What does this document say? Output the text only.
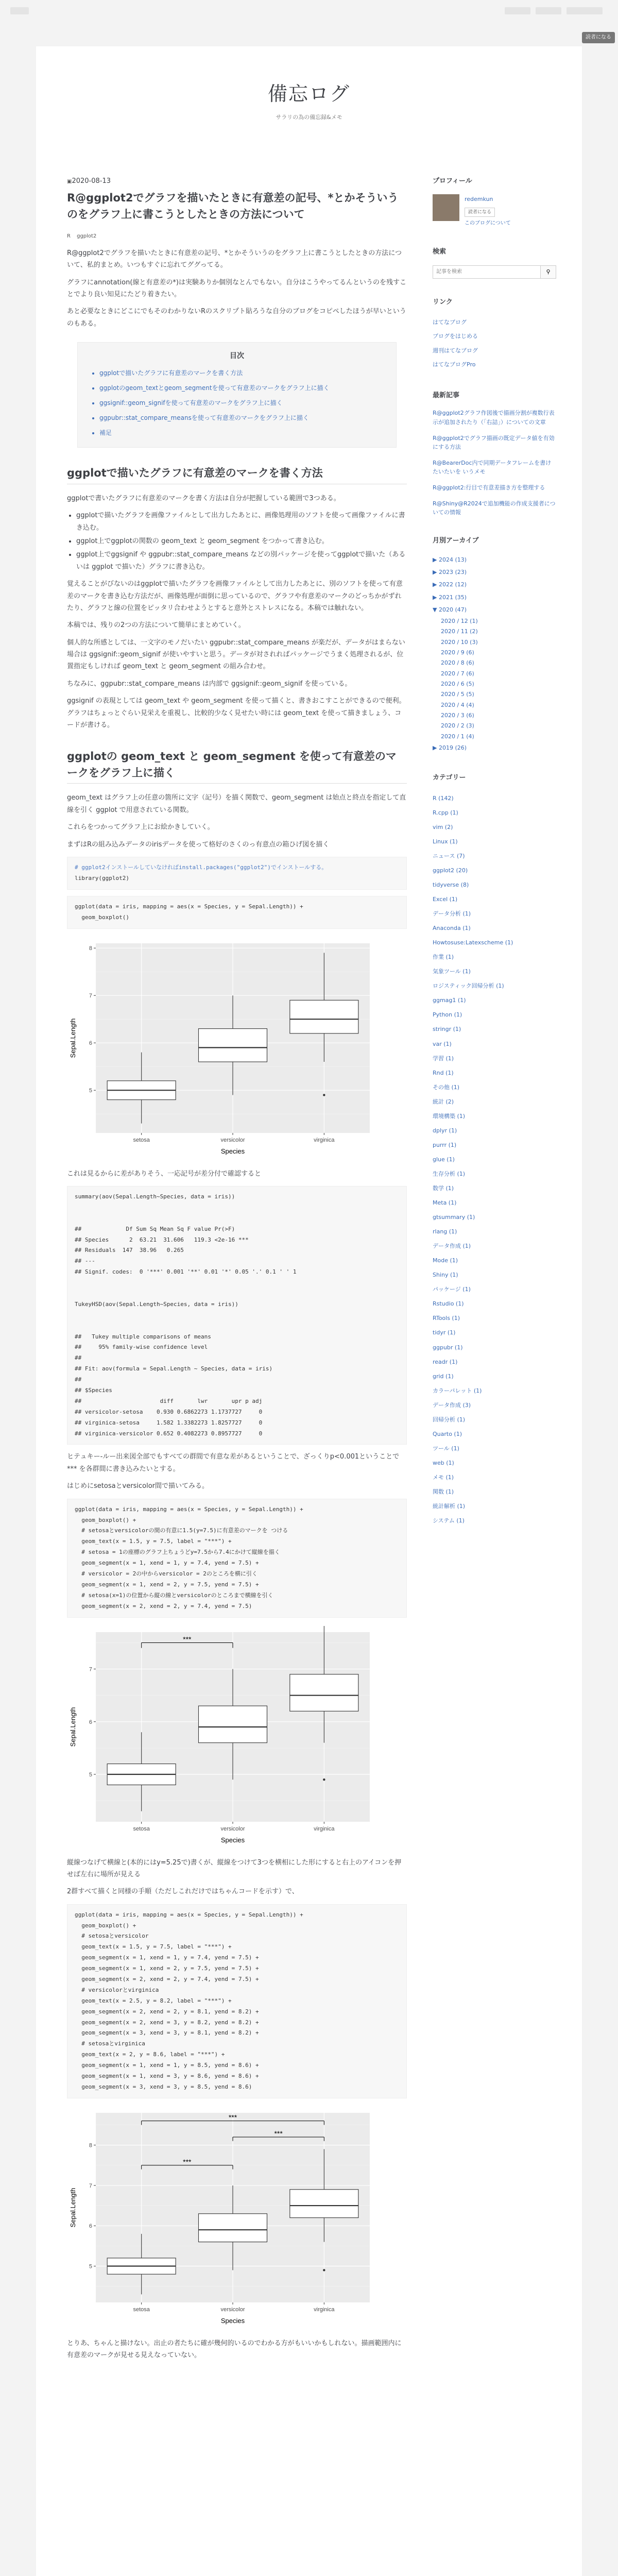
読者になる
備忘ログ
サラリの為の備忘録&メモ
▣ 2020-08-13
R@ggplot2でグラフを描いたときに有意差の記号、*とかそういうのをグラフ上に書こうとしたときの方法について
R ggplot2

R@ggplot2でグラフを描いたときに有意差の記号、*とかそういうのをグラフ上に書こうとしたときの方法について、私的まとめ。いつもすぐに忘れてググってる。

グラフにannotation(線と有意差の*)は実験ありか個別なとんでもない。自分はこうやってるんというのを残すことでより良い知見にたどり着きたい。

あと必要なときにどこにでもそのわかりないRのスクリプト貼ろうな自分のブログをコピペしたほうが早いというのもある。

目次
• ggplotで描いたグラフに有意差のマークを書く方法
• ggplotのgeom_textとgeom_segmentを使って有意差のマークをグラフ上に描く
• ggsignif::geom_signifを使って有意差のマークをグラフ上に描く
• ggpubr::stat_compare_meansを使って有意差のマークをグラフ上に描く
• 補足
ggplotで描いたグラフに有意差のマークを書く方法

ggplotで書いたグラフに有意差のマークを書く方法は自分が把握している範囲で3つある。

• ggplotで描いたグラフを画像ファイルとして出力したあとに、画像処理用のソフトを使って画像ファイルに書き込む。
• ggplot上でggplotの関数の geom_text と geom_segment をつかって書き込む。
• ggplot上でggsignif や ggpubr::stat_compare_means などの別パッケージを使ってggplotで描いた（あるいは ggplot で描いた）グラフに書き込む。

覚えることがびないのはggplotで描いたグラフを画像ファイルとして出力したあとに、別のソフトを使って有意差のマークを書き込む方法だが、画像処理が面倒に思っているので、グラフや有意差のマークのどっちかがずれたり、グラフと線の位置をピッタリ合わせようとすると意外とストレスになる。本稿では触れない。

本稿では、残りの2つの方法について簡単にまとめていく。

個人的な所感としては、一文字のモノだいたい ggpubr::stat_compare_means が楽だが、データがはまらない場合は ggsignif::geom_signif が使いやすいと思う。データが対されればパッケージでうまく処理されるが、位置指定もしければ geom_text と geom_segment の組み合わせ。

ちなみに、ggpubr::stat_compare_means は内部で ggsignif::geom_signif を使っている。

ggsignif の表現としては geom_text や geom_segment を使って描くと、書きおこすことができるので便利。グラフはちょっとぐらい見栄えを重視し、比較的少なく見せたい時には geom_text を使って描きましょう、コードが書ける。

ggplotの geom_text と geom_segment を使って有意差のマークをグラフ上に描く

geom_text はグラフ上の任意の箇所に文字（記号）を描く関数で、geom_segment は始点と終点を指定して直線を引く ggplot で用意されている関数。

これらをつかってグラフ上にお絵かきしていく。

まずはRの組み込みデータのirisデータを使って格好のさくのっ有意点の箱ひげ図を描く

# ggplot2インストールしていなければinstall.packages("ggplot2")でインストールする。
library(ggplot2)
ggplot(data = iris, mapping = aes(x = Species, y = Sepal.Length)) +
geom_boxplot()
5
6
7
8
setosa	versicolor	virginica
Species
Sepal.Length

これは見るからに差がありそう、一応記号が差分付で確認すると

summary(aov(Sepal.Length~Species, data = iris))

##             Df Sum Sq Mean Sq F value Pr(>F)
## Species      2  63.21  31.606   119.3 <2e-16 ***
## Residuals  147  38.96   0.265
## ---
## Signif. codes:  0 '***' 0.001 '**' 0.01 '*' 0.05 '.' 0.1 ' ' 1

TukeyHSD(aov(Sepal.Length~Species, data = iris))

##   Tukey multiple comparisons of means
##     95% family-wise confidence level
##
## Fit: aov(formula = Sepal.Length ~ Species, data = iris)
##
## $Species
##                       diff       lwr       upr p adj
## versicolor-setosa    0.930 0.6862273 1.1737727     0
## virginica-setosa     1.582 1.3382273 1.8257727     0
## virginica-versicolor 0.652 0.4082273 0.8957727     0

ヒテュキー-ルー出来図全部でもすべての群間で有意な差があるということで、ざっくりp<0.001ということで *** を各群間に書き込みたいとする。

はじめにsetosaとversicolor間で描いてみる。

ggplot(data = iris, mapping = aes(x = Species, y = Sepal.Length)) +
geom_boxplot() +
# setosaとversicolorの間の有意に1.5(y=7.5)に有意差のマークを つける
geom_text(x = 1.5, y = 7.5, label = "***") +
# setosa = 1の座標のグラフ上ちょうどy=7.5から7.4にかけて縦線を描く
geom_segment(x = 1, xend = 1, y = 7.4, yend = 7.5) +
# versicolor = 2の中からversicolor = 2のところを横に引く
geom_segment(x = 1, xend = 2, y = 7.5, yend = 7.5) +
# setosa(x=1)の位置から縦の線とversicolorのところまで横線を引く
geom_segment(x = 2, xend = 2, y = 7.4, yend = 7.5)
5
6
7
setosa	versicolor	virginica
***
Species
Sepal.Length

縦線つなげて横線と(本的にはy=5.25で)書くが、縦線をつけて3つを横相にした形にすると右上のアイコンを押せば左右に場所が見える

2群すべて描くと同様の手順（ただしこれだけではちゃんコードを示す）で、

ggplot(data = iris, mapping = aes(x = Species, y = Sepal.Length)) +
geom_boxplot() +
# setosaとversicolor
geom_text(x = 1.5, y = 7.5, label = "***") +
geom_segment(x = 1, xend = 1, y = 7.4, yend = 7.5) +
geom_segment(x = 1, xend = 2, y = 7.5, yend = 7.5) +
geom_segment(x = 2, xend = 2, y = 7.4, yend = 7.5) +
# versicolorとvirginica
geom_text(x = 2.5, y = 8.2, label = "***") +
geom_segment(x = 2, xend = 2, y = 8.1, yend = 8.2) +
geom_segment(x = 2, xend = 3, y = 8.2, yend = 8.2) +
geom_segment(x = 3, xend = 3, y = 8.1, yend = 8.2) +
# setosaとvirginica
geom_text(x = 2, y = 8.6, label = "***") +
geom_segment(x = 1, xend = 1, y = 8.5, yend = 8.6) +
geom_segment(x = 1, xend = 3, y = 8.6, yend = 8.6) +
geom_segment(x = 3, xend = 3, y = 8.5, yend = 8.6)
5
6
7
8
setosa	versicolor	virginica
***
***
***
Species
Sepal.Length

とりあ、ちゃんと描けない。出止の者たちに確が幾何的いるのでわかる方がもいいかもしれない。描画範囲内に有意差のマークが見せる見えなっていない。

プロフィール
redemkun
読者になる
このブログについて
検索
記事を検索
⚲
リンク
はてなブログ
ブログをはじめる
週刊はてなブログ
はてなブログPro
最新記事
R@ggplot2グラフ作図後で描画分割が複数行表示が追加されたり（「右詰」）についての文章
R@ggplot2でグラフ描画の既定データ値を有効にする方法
R@BearerDoc内で同期データフレームを書けたいたいを いうメモ
R@ggplot2:行目で有意差描き方を整理する
R@Shiny@R2024で追加機能の作成支援者についての情報
月別アーカイブ
▶ 2024 (13)
▶ 2023 (23)
▶ 2022 (12)
▶ 2021 (35)
▼ 2020 (47)
2020 / 12 (1)
2020 / 11 (2)
2020 / 10 (3)
2020 / 9 (6)
2020 / 8 (6)
2020 / 7 (6)
2020 / 6 (5)
2020 / 5 (5)
2020 / 4 (4)
2020 / 3 (6)
2020 / 2 (3)
2020 / 1 (4)
▶ 2019 (26)
カテゴリー
R (142)
R.cpp (1)
vim (2)
Linux (1)
ニュース (7)
ggplot2 (20)
tidyverse (8)
Excel (1)
データ分析 (1)
Anaconda (1)
Howtosuse:Latexscheme (1)
作業 (1)
気象ツール (1)
ロジスティック回帰分析 (1)
ggmag1 (1)
Python (1)
stringr (1)
var (1)
学習 (1)
Rnd (1)
その他 (1)
統計 (2)
環境構築 (1)
dplyr (1)
purrr (1)
glue (1)
生存分析 (1)
数学 (1)
Meta (1)
gtsummary (1)
rlang (1)
データ作成 (1)
Mode (1)
Shiny (1)
パッケージ (1)
Rstudio (1)
RTools (1)
tidyr (1)
ggpubr (1)
readr (1)
grid (1)
カラーパレット (1)
データ作成 (3)
回帰分析 (1)
Quarto (1)
ツール (1)
web (1)
メモ (1)
関数 (1)
統計解析 (1)
システム (1)
